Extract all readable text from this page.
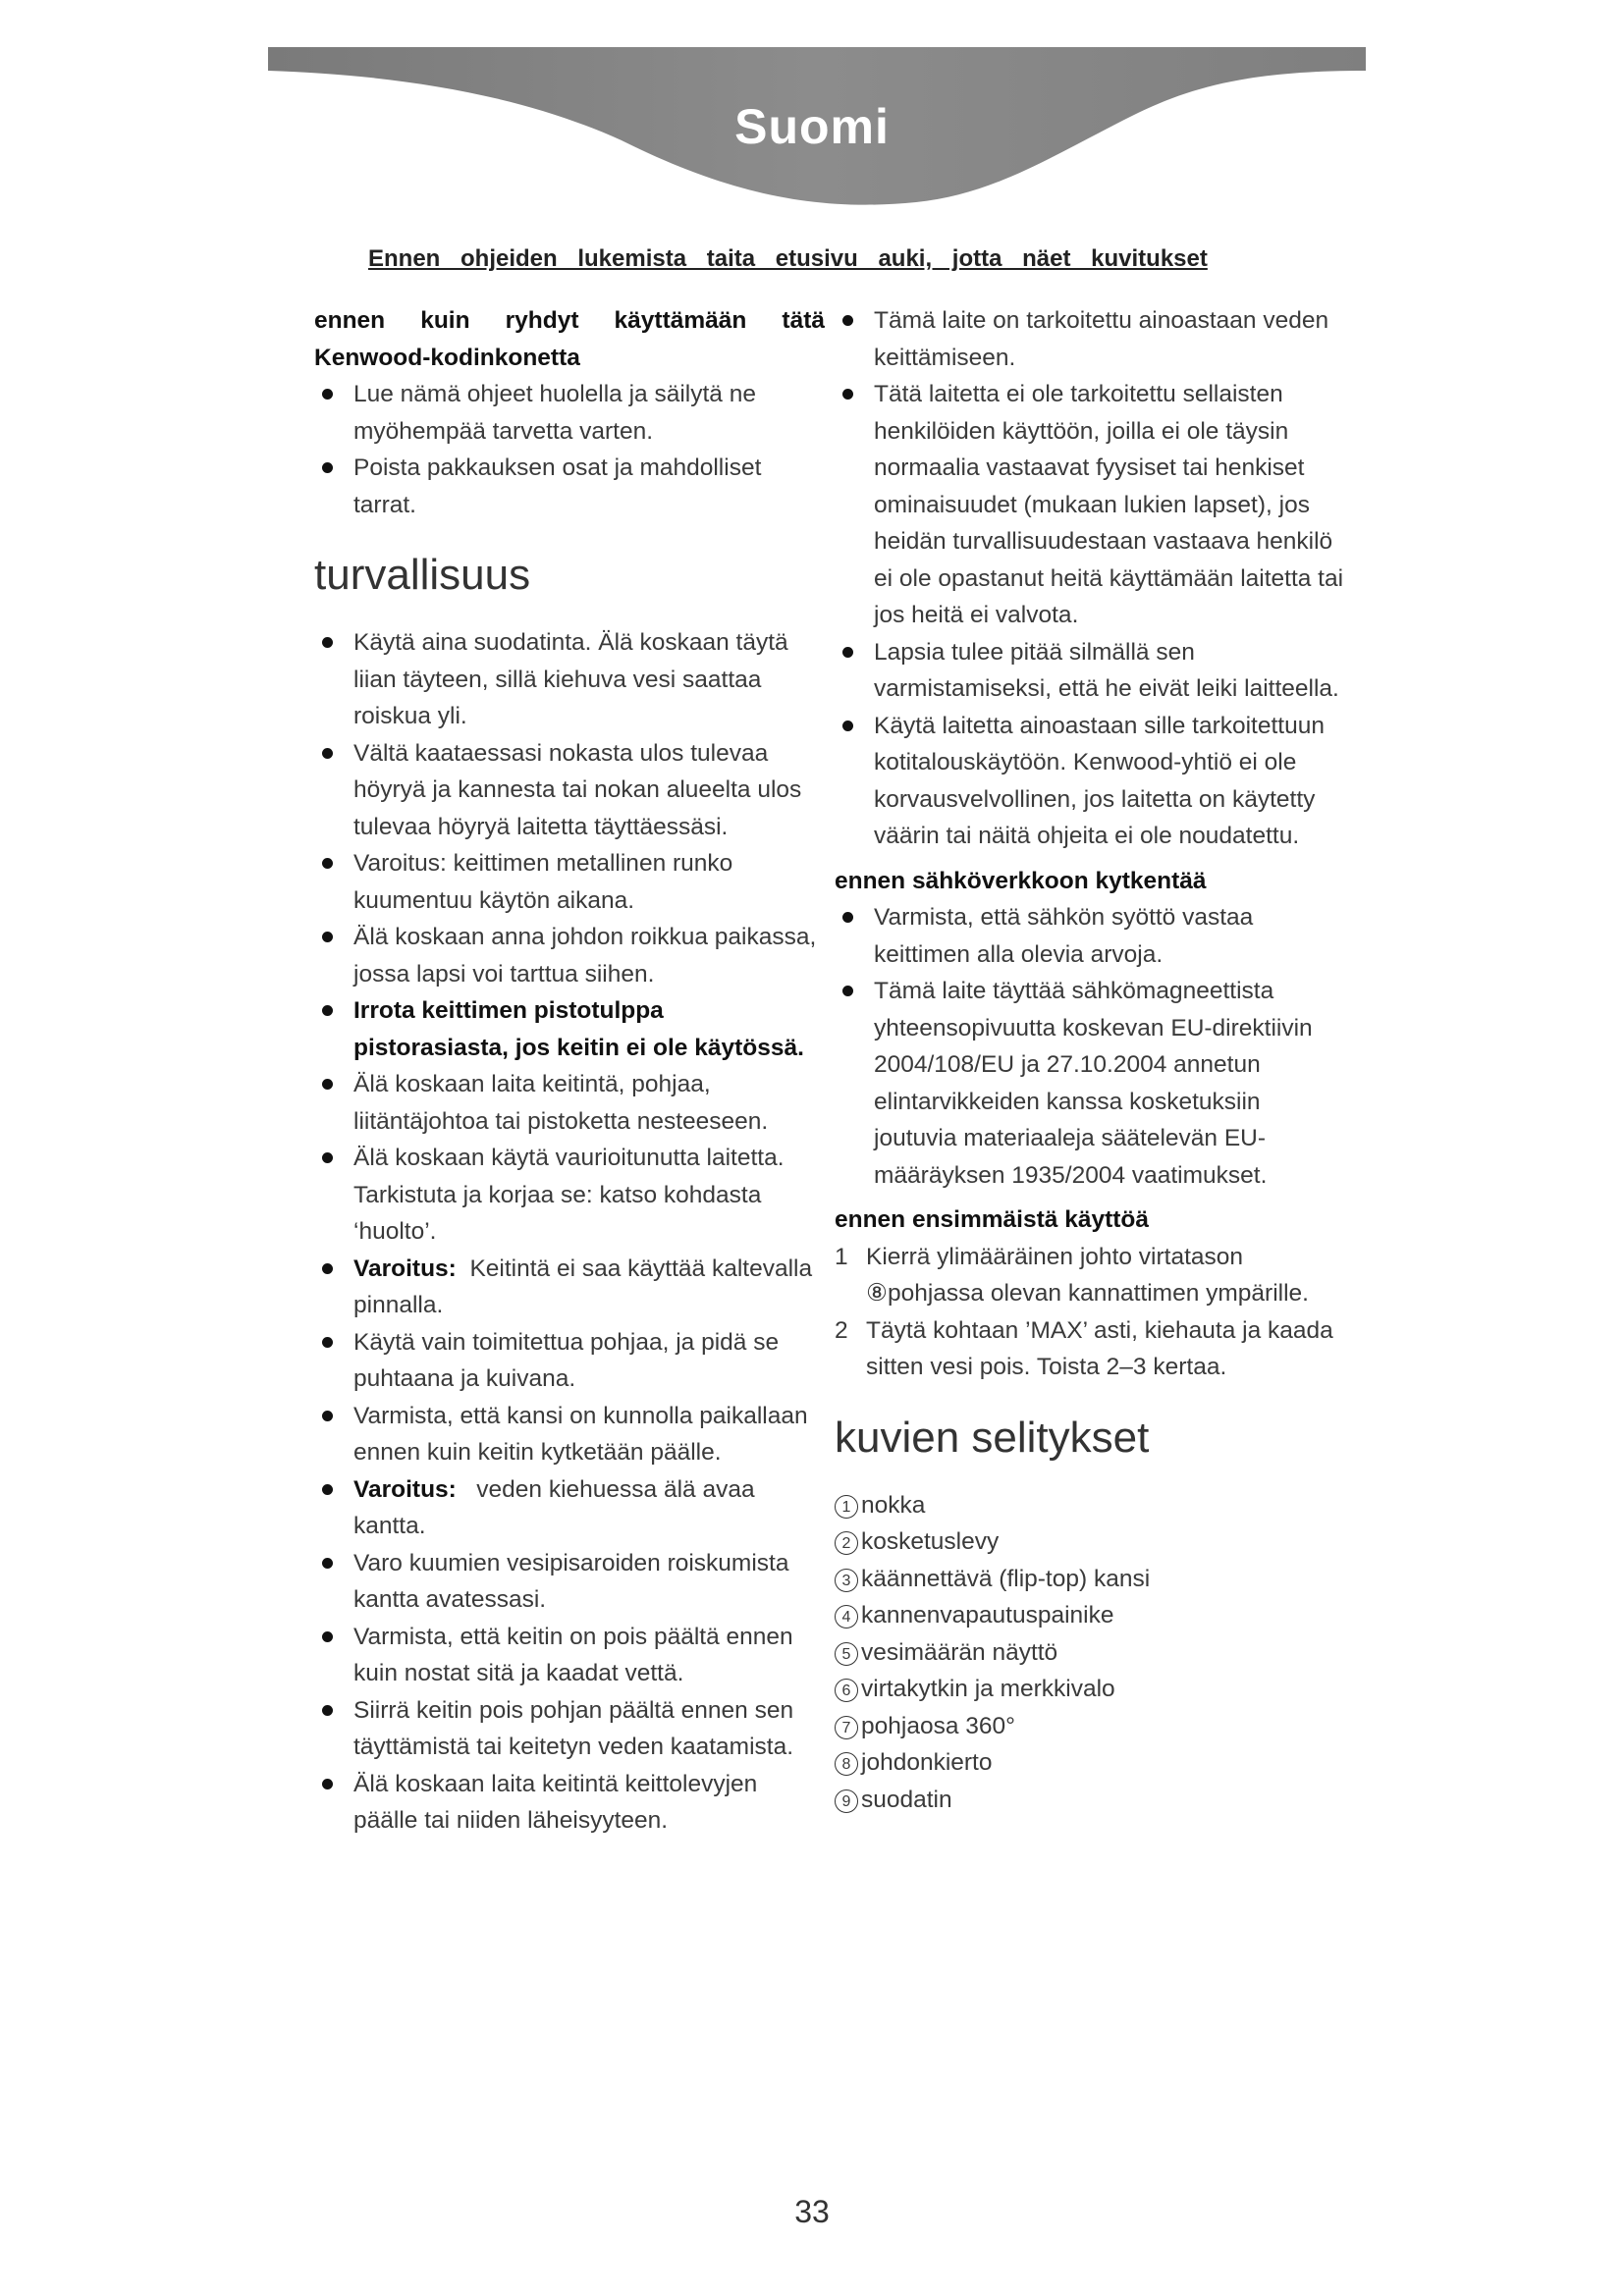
Suomi
Ennen ohjeiden lukemista taita etusivu auki, jotta näet kuvitukset

ennen kuin ryhdyt käyttämään tätä Kenwood-kodinkonetta

Lue nämä ohjeet huolella ja säilytä ne myöhempää tarvetta varten.
Poista pakkauksen osat ja mahdolliset tarrat.
turvallisuus
Käytä aina suodatinta. Älä koskaan täytä liian täyteen, sillä kiehuva vesi saattaa roiskua yli.
Vältä kaataessasi nokasta ulos tulevaa höyryä ja kannesta tai nokan alueelta ulos tulevaa höyryä laitetta täyttäessäsi.
Varoitus: keittimen metallinen runko kuumentuu käytön aikana.
Älä koskaan anna johdon roikkua paikassa, jossa lapsi voi tarttua siihen.
Irrota keittimen pistotulppa pistorasiasta, jos keitin ei ole käytössä.
Älä koskaan laita keitintä, pohjaa, liitäntäjohtoa tai pistoketta nesteeseen.
Älä koskaan käytä vaurioitunutta laitetta. Tarkistuta ja korjaa se: katso kohdasta ‘huolto’.
Varoitus: Keitintä ei saa käyttää kaltevalla pinnalla.
Käytä vain toimitettua pohjaa, ja pidä se puhtaana ja kuivana.
Varmista, että kansi on kunnolla paikallaan ennen kuin keitin kytketään päälle.
Varoitus: veden kiehuessa älä avaa kanttа.
Varo kuumien vesipisaroiden roiskumista kantta avatessasi.
Varmista, että keitin on pois päältä ennen kuin nostat sitä ja kaadat vettä.
Siirrä keitin pois pohjan päältä ennen sen täyttämistä tai keitetyn veden kaatamista.
Älä koskaan laita keitintä keittolevyjen päälle tai niiden läheisyyteen.
Tämä laite on tarkoitettu ainoastaan veden keittämiseen.
Tätä laitetta ei ole tarkoitettu sellaisten henkilöiden käyttöön, joilla ei ole täysin normaalia vastaavat fyysiset tai henkiset ominaisuudet (mukaan lukien lapset), jos heidän turvallisuudestaan vastaava henkilö ei ole opastanut heitä käyttämään laitetta tai jos heitä ei valvota.
Lapsia tulee pitää silmällä sen varmistamiseksi, että he eivät leiki laitteella.
Käytä laitetta ainoastaan sille tarkoitettuun kotitalouskäytöön. Kenwood-yhtiö ei ole korvausvelvollinen, jos laitetta on käytetty väärin tai näitä ohjeita ei ole noudatettu.

ennen sähköverkkoon kytkentää

Varmista, että sähkön syöttö vastaa keittimen alla olevia arvoja.
Tämä laite täyttää sähkömagneettista yhteensopivuutta koskevan EU-direktiivin 2004/108/EU ja 27.10.2004 annetun elintarvikkeiden kanssa kosketuksiin joutuvia materiaaleja säätelevän EU-määräyksen 1935/2004 vaatimukset.

ennen ensimmäistä käyttöä

1 Kierrä ylimääräinen johto virtatason ⑧pohjassa olevan kannattimen ympärille.
2 Täytä kohtaan ’MAX’ asti, kiehauta ja kaada sitten vesi pois. Toista 2–3 kertaa.
kuvien selitykset
1 nokka
2 kosketuslevy
3 käännettävä (flip-top) kansi
4 kannenvapautuspainike
5 vesimäärän näyttö
6 virtakytkin ja merkkivalo
7 pohjaosa 360°
8 johdonkierto
9 suodatin
33
